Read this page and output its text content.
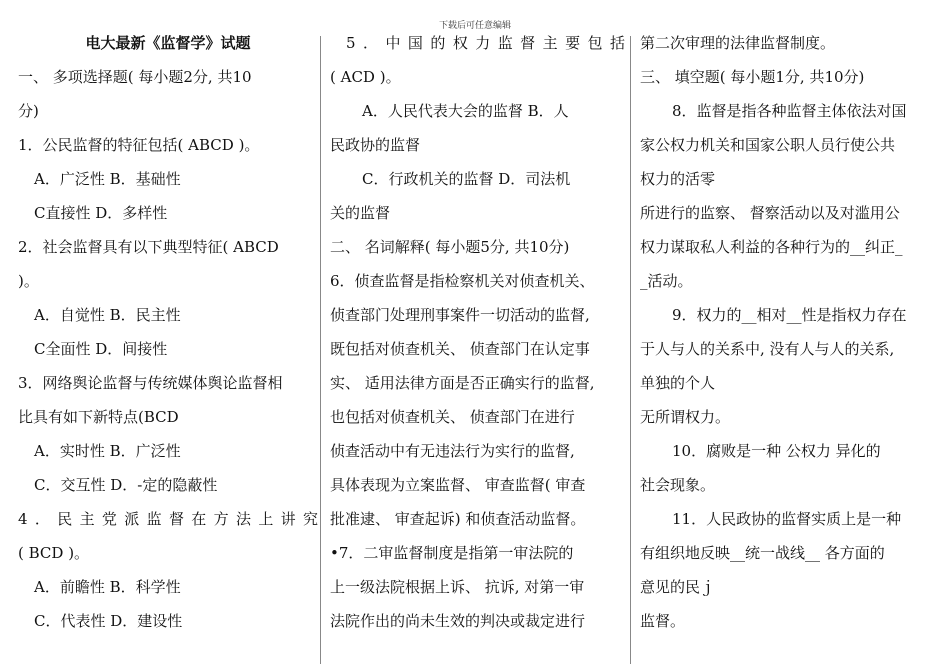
下载后可任意编辑
电大最新《监督学》试题
一、 多项选择题( 每小题2分, 共10
分)
1．公民监督的特征包括( ABCD )。
A．广泛性 B．基础性
C直接性 D．多样性
2．社会监督具有以下典型特征( ABCD
)。
A．自觉性 B．民主性
C全面性 D．间接性
3．网络舆论监督与传统媒体舆论监督相
比具有如下新特点(BCD
A．实时性 B．广泛性
C．交互性 D．-定的隐蔽性
4．民主党派监督在方法上讲究
( BCD )。
A．前瞻性 B．科学性
C．代表性 D．建设性
5．中国的权力监督主要包括
( ACD )。
A．人民代表大会的监督 B．人
民政协的监督
C．行政机关的监督 D．司法机
关的监督
二、 名词解释( 每小题5分, 共10分)
6．侦查监督是指检察机关对侦查机关、
侦查部门处理刑事案件一切活动的监督,
既包括对侦查机关、 侦查部门在认定事
实、 适用法律方面是否正确实行的监督,
也包括对侦查机关、 侦查部门在进行
侦查活动中有无违法行为实行的监督,
具体表现为立案监督、 审查监督( 审查
批准逮、 审查起诉) 和侦查活动监督。
•7．二审监督制度是指第一审法院的
上一级法院根据上诉、 抗诉, 对第一审
法院作出的尚未生效的判决或裁定进行
第二次审理的法律监督制度。
三、 填空题( 每小题1分, 共10分)
8．监督是指各种监督主体依法对国
家公权力机关和国家公职人员行使公共
权力的活零
所进行的监察、 督察活动以及对滥用公
权力谋取私人利益的各种行为的__纠正_
_活动。
9．权力的__相对__性是指权力存在
于人与人的关系中, 没有人与人的关系,
单独的个人
无所谓权力。
10．腐败是一种 公权力 异化的
社会现象。
11．人民政协的监督实质上是一种
有组织地反映__统一战线__ 各方面的
意见的民ｊ
监督。
